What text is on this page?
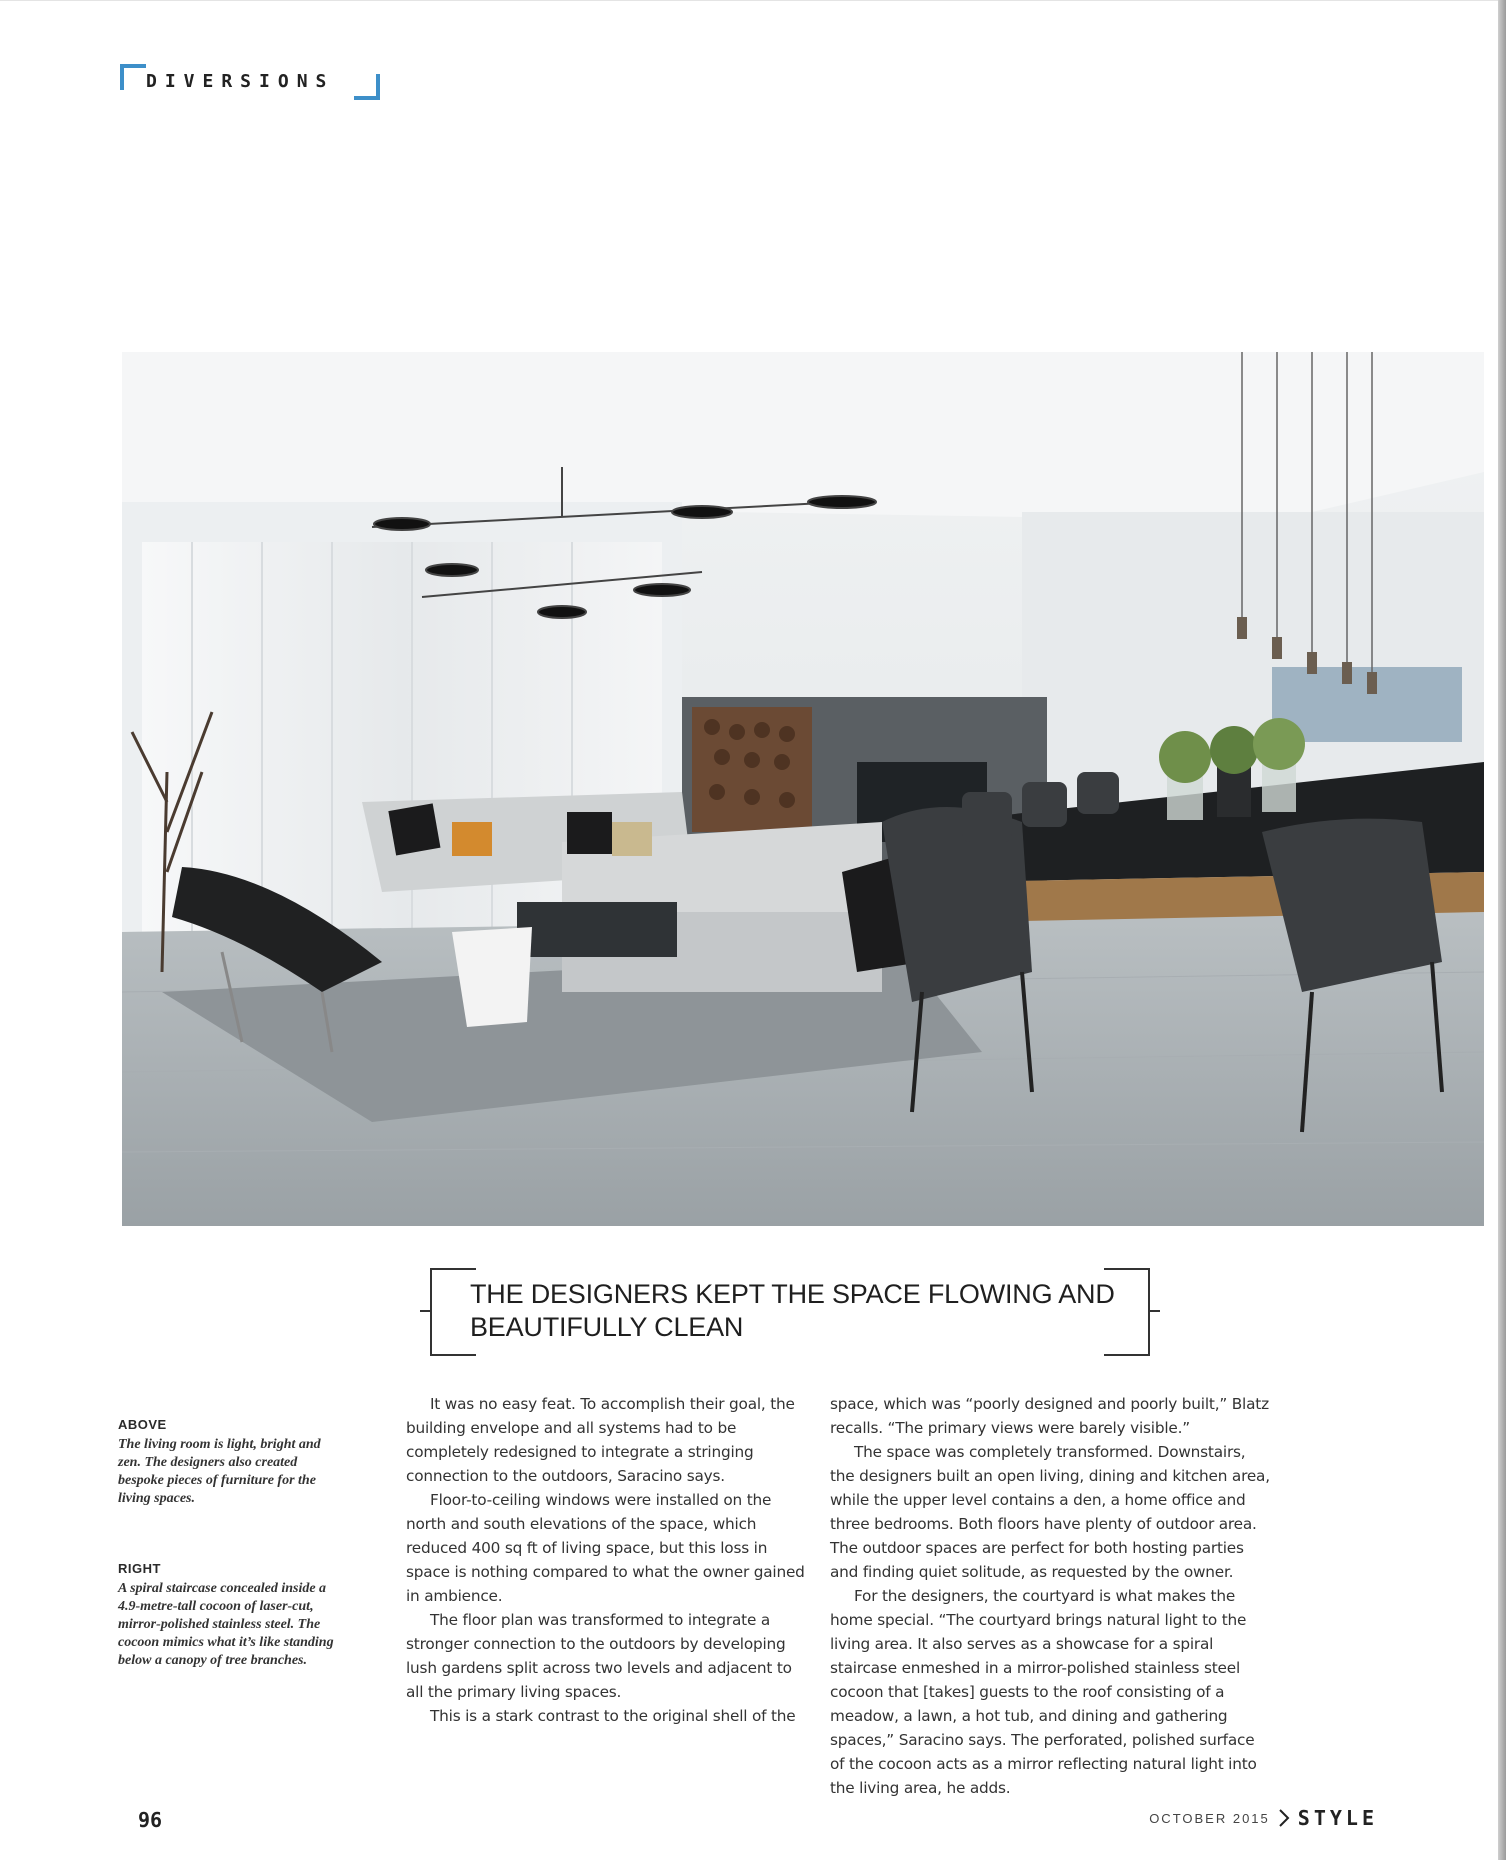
DIVERSIONS
THE DESIGNERS KEPT THE SPACE FLOWING AND BEAUTIFULLY CLEAN
ABOVE
The living room is light, bright and zen. The designers also created bespoke pieces of furniture for the living spaces.
RIGHT
A spiral staircase concealed inside a 4.9-metre-tall cocoon of laser-cut, mirror-polished stainless steel. The cocoon mimics what it’s like standing below a canopy of tree branches.

It was no easy feat. To accomplish their goal, the building envelope and all systems had to be completely redesigned to integrate a stringing connection to the outdoors, Saracino says.

Floor-to-ceiling windows were installed on the north and south elevations of the space, which reduced 400 sq ft of living space, but this loss in space is nothing compared to what the owner gained in ambience.

The floor plan was transformed to integrate a stronger connection to the outdoors by developing lush gardens split across two levels and adjacent to all the primary living spaces.

This is a stark contrast to the original shell of the

space, which was “poorly designed and poorly built,” Blatz recalls. “The primary views were barely visible.”

The space was completely transformed. Downstairs, the designers built an open living, dining and kitchen area, while the upper level contains a den, a home office and three bedrooms. Both floors have plenty of outdoor area. The outdoor spaces are perfect for both hosting parties and finding quiet solitude, as requested by the owner.

For the designers, the courtyard is what makes the home special. “The courtyard brings natural light to the living area. It also serves as a showcase for a spiral staircase enmeshed in a mirror-polished stainless steel cocoon that [takes] guests to the roof consisting of a meadow, a lawn, a hot tub, and dining and gathering spaces,” Saracino says. The perforated, polished surface of the cocoon acts as a mirror reflecting natural light into the living area, he adds.

96	OCTOBER 2015 STYLE
